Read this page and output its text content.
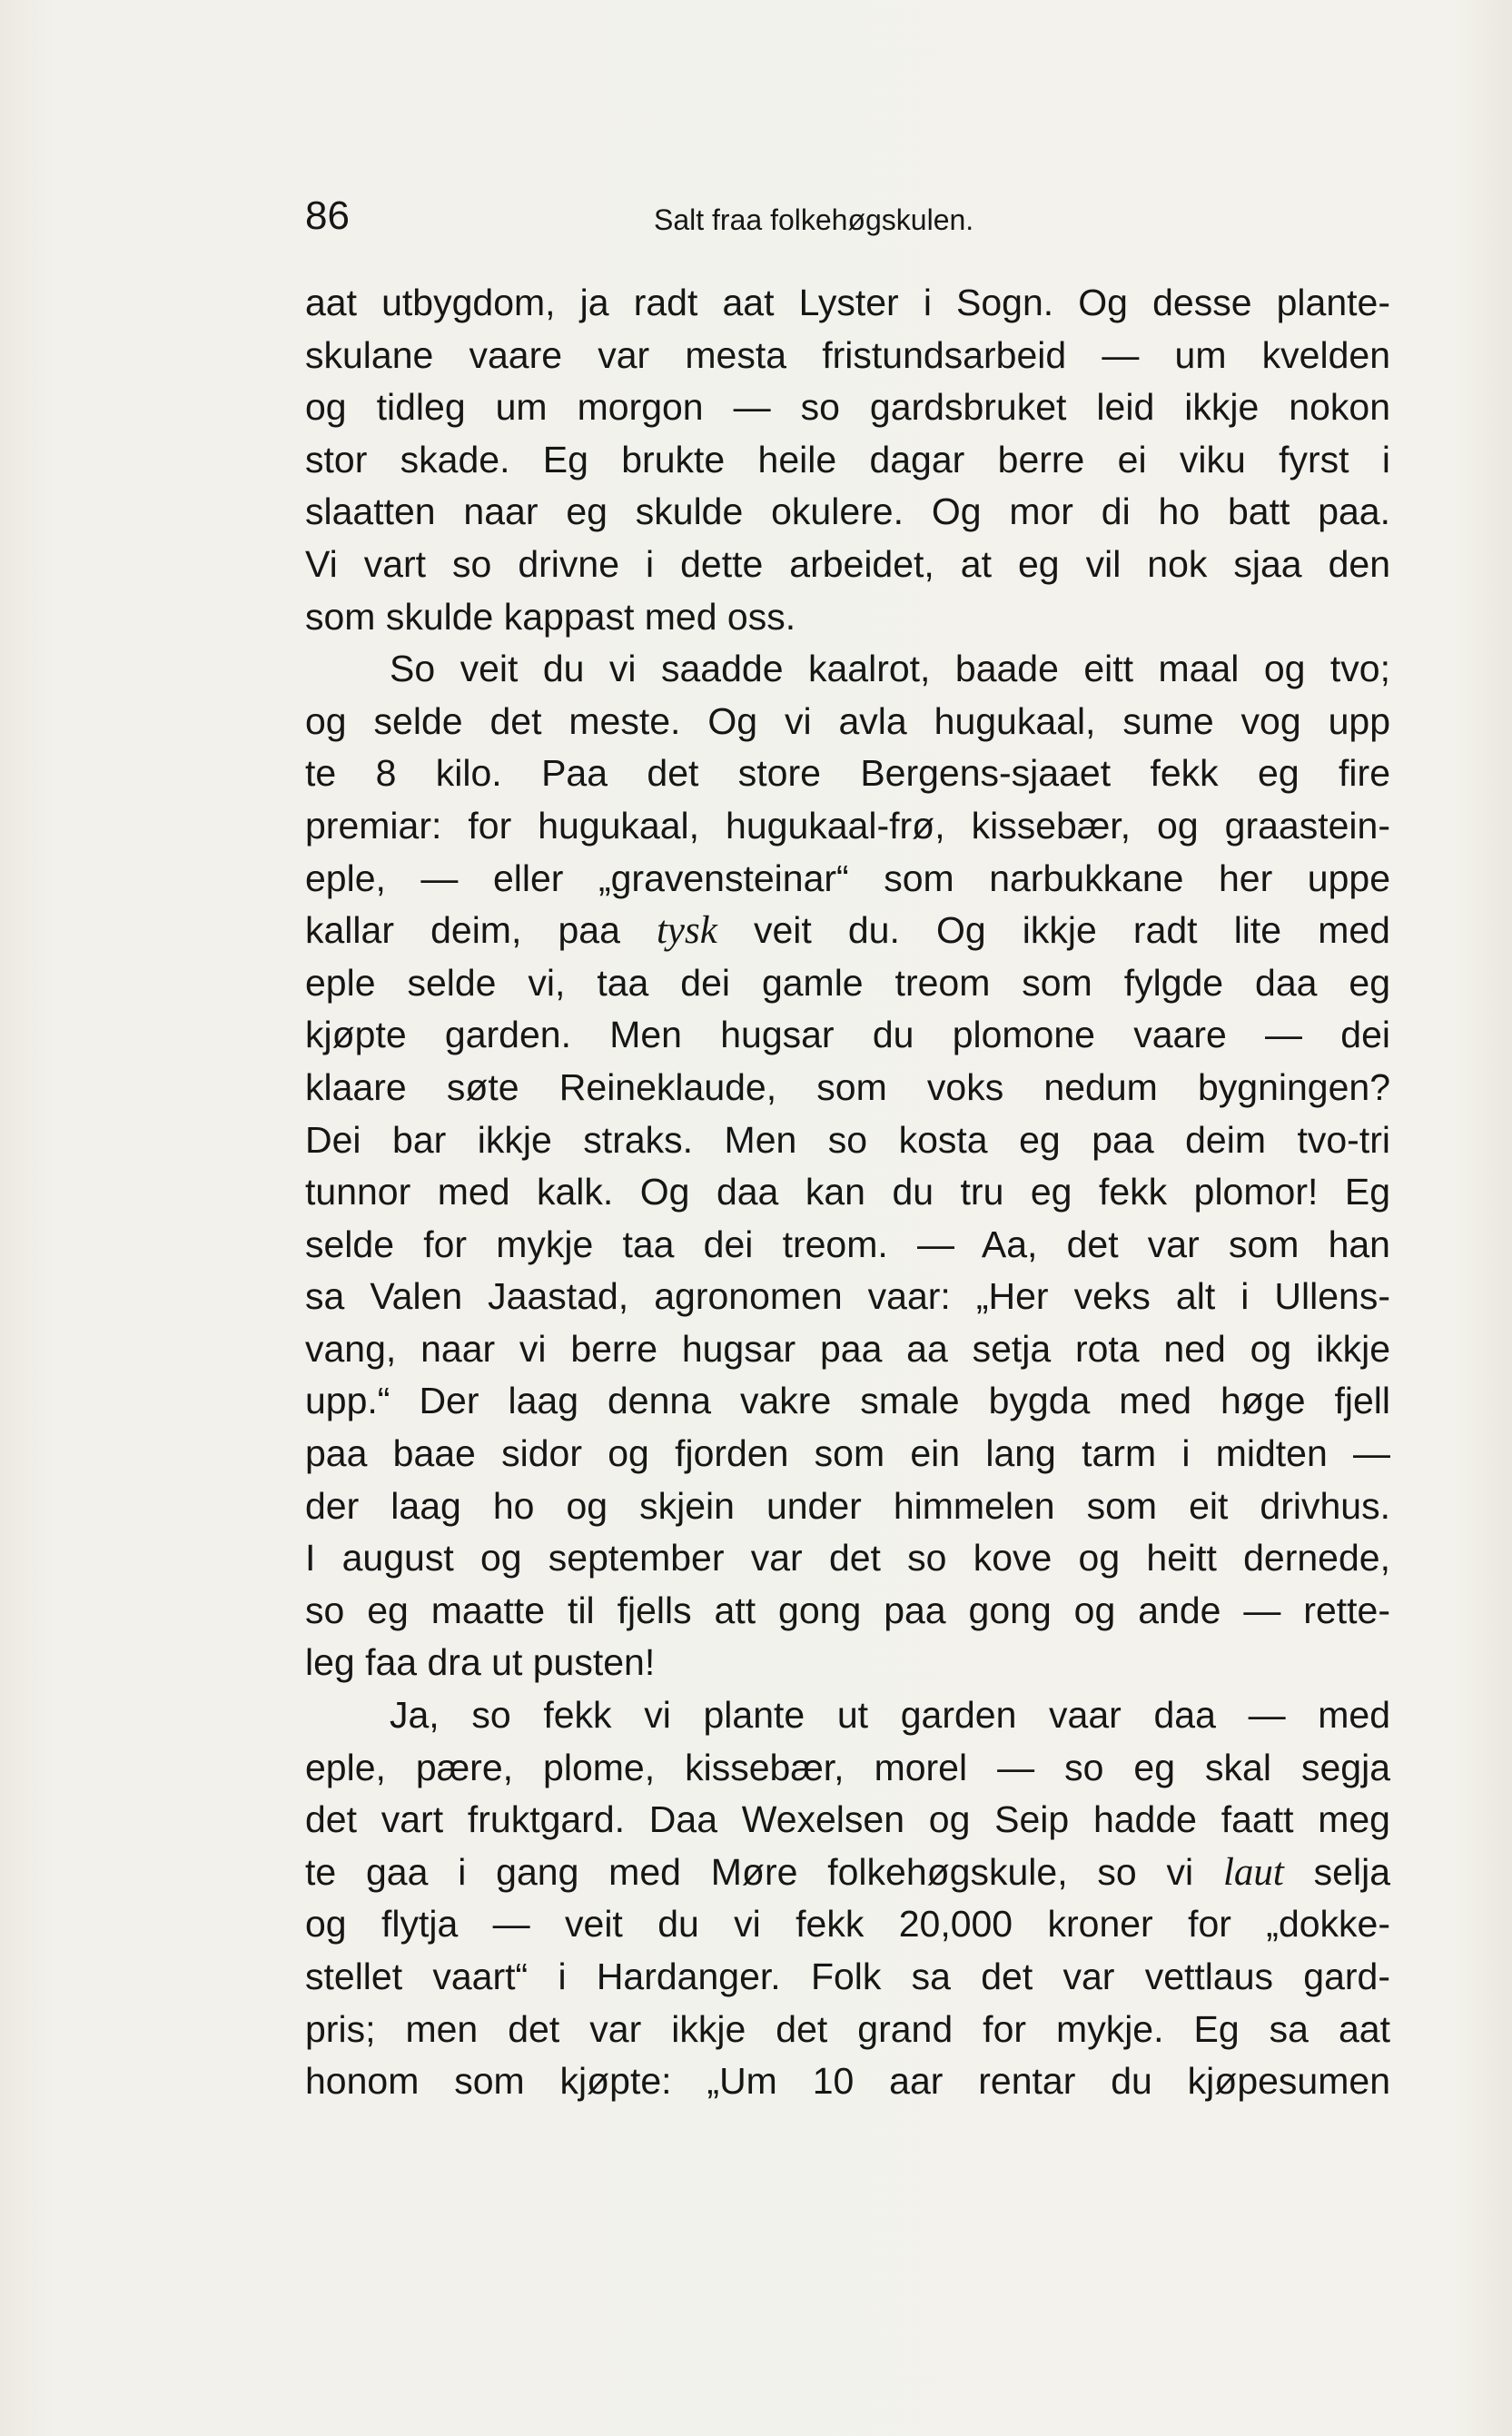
86	Salt fraa folkehøgskulen.
aat utbygdom, ja radt aat Lyster i Sogn. Og desse plante-
skulane vaare var mesta fristundsarbeid — um kvelden
og tidleg um morgon — so gardsbruket leid ikkje nokon
stor skade. Eg brukte heile dagar berre ei viku fyrst i
slaatten naar eg skulde okulere. Og mor di ho batt paa.
Vi vart so drivne i dette arbeidet, at eg vil nok sjaa den
som skulde kappast med oss.
So veit du vi saadde kaalrot, baade eitt maal og tvo;
og selde det meste. Og vi avla hugukaal, sume vog upp
te 8 kilo. Paa det store Bergens-sjaaet fekk eg fire
premiar: for hugukaal, hugukaal-frø, kissebær, og graastein-
eple, — eller „gravensteinar“ som narbukkane her uppe
kallar deim, paa tysk veit du. Og ikkje radt lite med
eple selde vi, taa dei gamle treom som fylgde daa eg
kjøpte garden. Men hugsar du plomone vaare — dei
klaare søte Reineklaude, som voks nedum bygningen?
Dei bar ikkje straks. Men so kosta eg paa deim tvo-tri
tunnor med kalk. Og daa kan du tru eg fekk plomor! Eg
selde for mykje taa dei treom. — Aa, det var som han
sa Valen Jaastad, agronomen vaar: „Her veks alt i Ullens-
vang, naar vi berre hugsar paa aa setja rota ned og ikkje
upp.“ Der laag denna vakre smale bygda med høge fjell
paa baae sidor og fjorden som ein lang tarm i midten —
der laag ho og skjein under himmelen som eit drivhus.
I august og september var det so kove og heitt dernede,
so eg maatte til fjells att gong paa gong og ande — rette-
leg faa dra ut pusten!
Ja, so fekk vi plante ut garden vaar daa — med
eple, pære, plome, kissebær, morel — so eg skal segja
det vart fruktgard. Daa Wexelsen og Seip hadde faatt meg
te gaa i gang med Møre folkehøgskule, so vi laut selja
og flytja — veit du vi fekk 20,000 kroner for „dokke-
stellet vaart“ i Hardanger. Folk sa det var vettlaus gard-
pris; men det var ikkje det grand for mykje. Eg sa aat
honom som kjøpte: „Um 10 aar rentar du kjøpesumen
